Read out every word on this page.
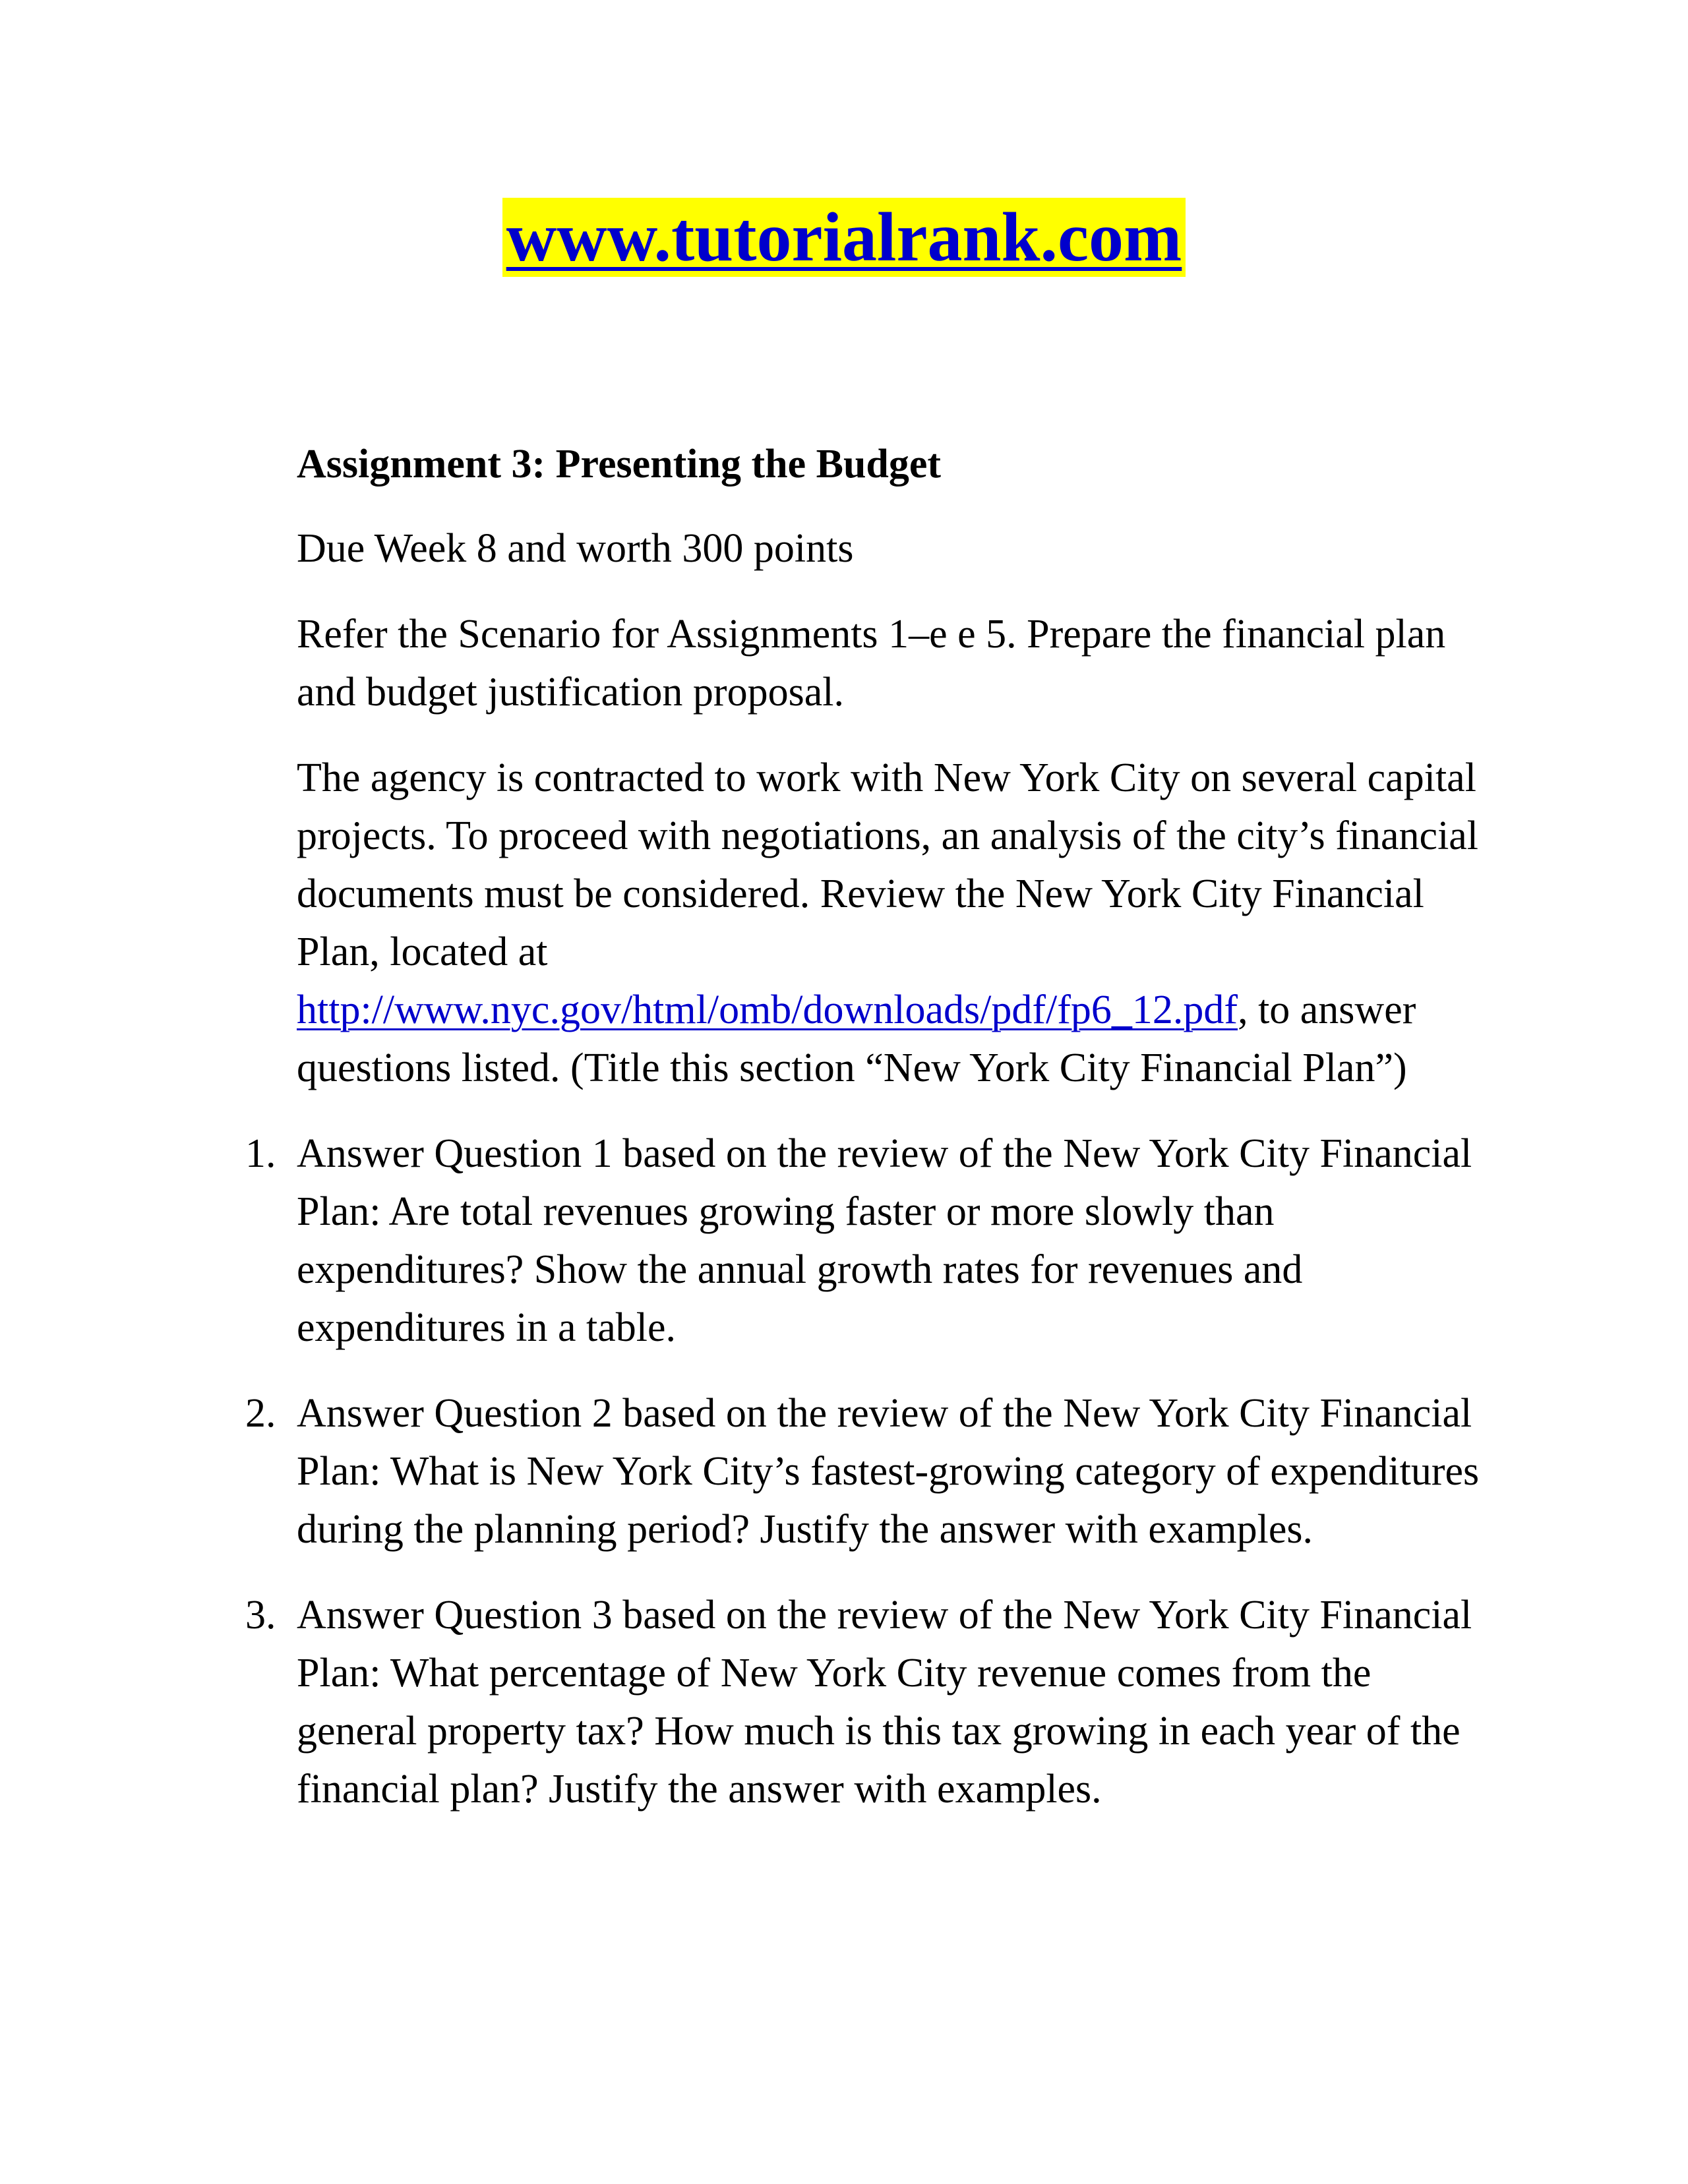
www.tutorialrank.com

Assignment 3: Presenting the Budget

Due Week 8 and worth 300 points

Refer the Scenario for Assignments 1–e e 5. Prepare the financial plan and budget justification proposal.

The agency is contracted to work with New York City on several capital projects. To proceed with negotiations, an analysis of the city’s financial documents must be considered. Review the New York City Financial Plan, located at http://www.nyc.gov/html/omb/downloads/pdf/fp6_12.pdf, to answer questions listed. (Title this section “New York City Financial Plan”)

1. Answer Question 1 based on the review of the New York City Financial Plan: Are total revenues growing faster or more slowly than expenditures? Show the annual growth rates for revenues and expenditures in a table.
2. Answer Question 2 based on the review of the New York City Financial Plan: What is New York City’s fastest-growing category of expenditures during the planning period? Justify the answer with examples.
3. Answer Question 3 based on the review of the New York City Financial Plan: What percentage of New York City revenue comes from the general property tax? How much is this tax growing in each year of the financial plan? Justify the answer with examples.
